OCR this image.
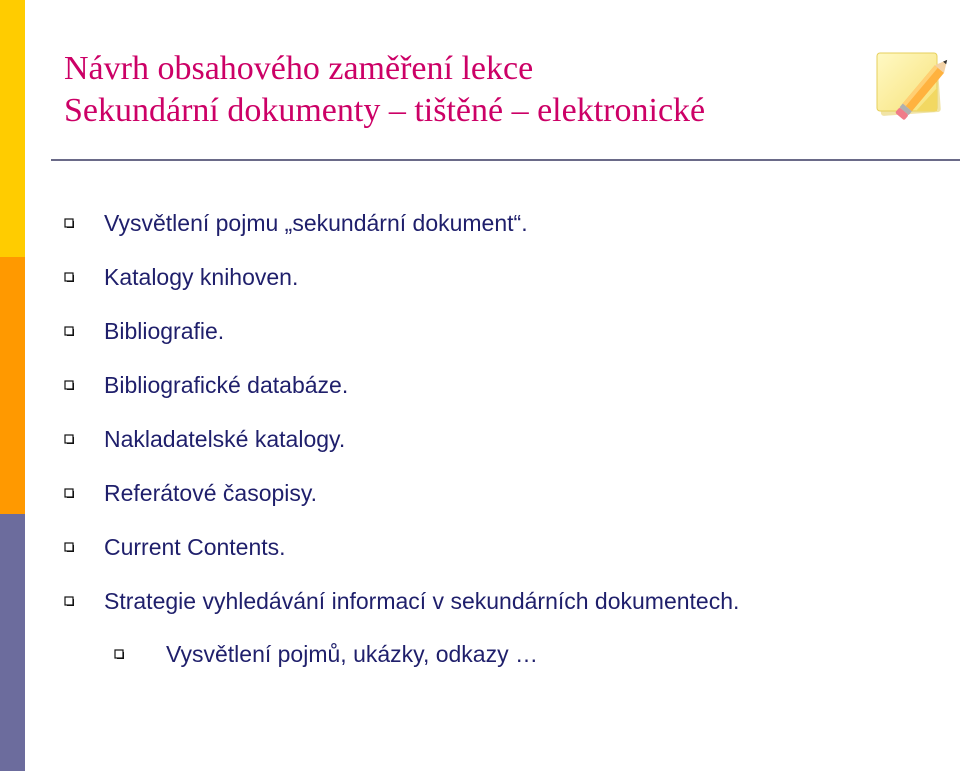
Návrh obsahového zaměření lekce
Sekundární dokumenty – tištěné – elektronické
Vysvětlení pojmu „sekundární dokument“.
Katalogy knihoven.
Bibliografie.
Bibliografické databáze.
Nakladatelské katalogy.
Referátové časopisy.
Current Contents.
Strategie vyhledávání informací v sekundárních dokumentech.
Vysvětlení pojmů, ukázky, odkazy …
